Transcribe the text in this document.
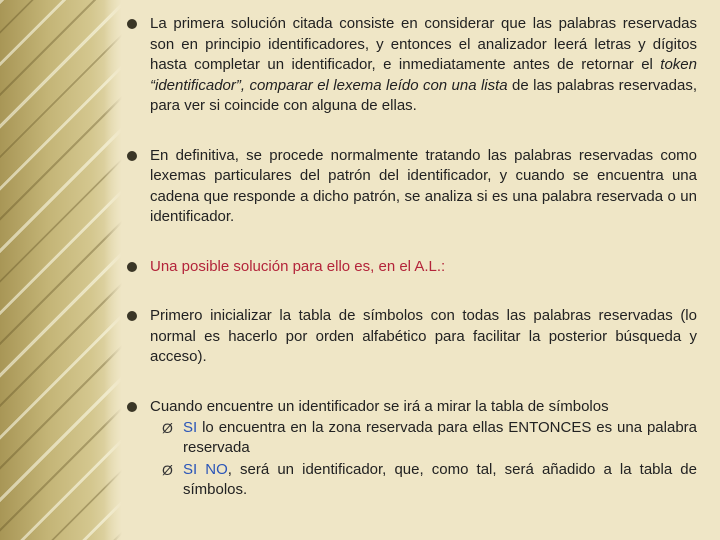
La primera solución citada consiste en considerar que las palabras reservadas son en principio identificadores, y entonces el analizador leerá letras y dígitos hasta completar un identificador, e inmediatamente antes de retornar el token “identificador”, comparar el lexema leído con una lista de las palabras reservadas, para ver si coincide con alguna de ellas.
En definitiva, se procede normalmente tratando las palabras reservadas como lexemas particulares del patrón del identificador, y cuando se encuentra una cadena que responde a dicho patrón, se analiza si es una palabra reservada o un identificador.
Una posible solución para ello es, en el A.L.:
Primero inicializar la tabla de símbolos con todas las palabras reservadas (lo normal es hacerlo por orden alfabético para facilitar la posterior búsqueda y acceso).
Cuando encuentre un identificador se irá a mirar la tabla de símbolos
Ø SI lo encuentra en la zona reservada para ellas ENTONCES es una palabra reservada
Ø SI NO, será un identificador, que, como tal, será añadido a la tabla de símbolos.
